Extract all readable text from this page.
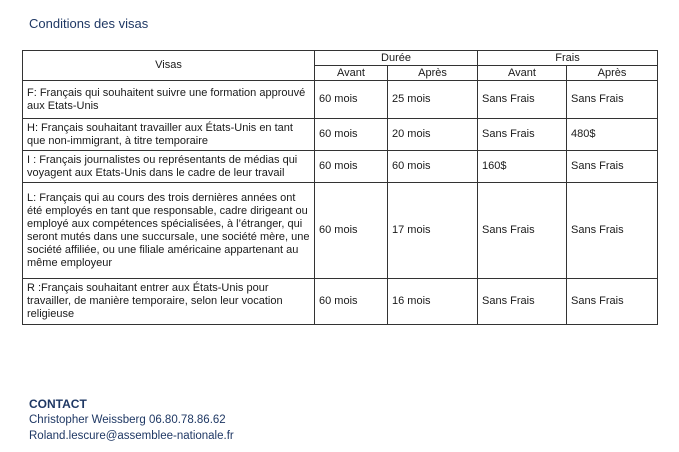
Conditions des visas
Visas	Durée		Frais	
	Avant	Après	Avant	Après
F: Français qui souhaitent suivre une formation approuvé aux Etats-Unis	60 mois	25 mois	Sans Frais	Sans Frais
H: Français souhaitant travailler aux États-Unis en tant que non-immigrant, à titre temporaire	60 mois	20 mois	Sans Frais	480$
I : Français journalistes ou représentants de médias qui voyagent aux Etats-Unis dans le cadre de leur travail	60 mois	60 mois	160$	Sans Frais
L: Français qui au cours des trois dernières années ont été employés en tant que responsable, cadre dirigeant ou employé aux compétences spécialisées, à l’étranger, qui seront mutés dans une succursale, une société mère, une société affiliée, ou une filiale américaine appartenant au même employeur	60 mois	17 mois	Sans Frais	Sans Frais
R :Français souhaitant entrer aux États-Unis pour travailler, de manière temporaire, selon leur vocation religieuse	60 mois	16 mois	Sans Frais	Sans Frais
CONTACT
Christopher Weissberg 06.80.78.86.62
Roland.lescure@assemblee-nationale.fr
